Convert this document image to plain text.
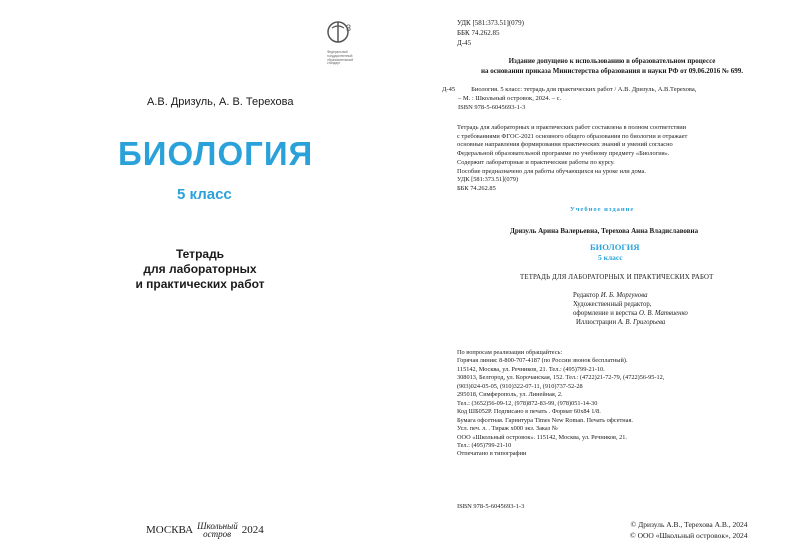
3
Федеральный
государственный
образовательный
стандарт
А.В. Дризуль, А. В. Терехова
БИОЛОГИЯ
5 класс
Тетрадь
для лабораторных
и практических работ
МОСКВА Школьный
остров 2024
УДК [581:373.51](079)
ББК 74.262.85
Д-45
Издание допущено к использованию в образовательном процессе
на основании приказа Министерства образования и науки РФ от 09.06.2016 № 699.
Д-45 Биология. 5 класс: тетрадь для практических работ / А.В. Дризуль, А.В.Терехова,
– М. : Школьный островок, 2024. – с.
ISBN 978-5-6045693-1-3
Тетрадь для лабораторных и практических работ составлена в полном соответствии
с требованиями ФГОС-2021 основного общего образования по биологии и отражает
основные направления формирования практических знаний и умений согласно
Федеральной образовательной программе по учебному предмету «Биология».
Содержит лабораторные и практические работы по курсу.
Пособие предназначено для работы обучающихся на уроке или дома.
УДК [581:373.51](079)
ББК 74.262.85
Учебное издание
Дризуль Арина Валерьевна, Терехова Анна Владиславовна
БИОЛОГИЯ
5 класс
ТЕТРАДЬ ДЛЯ ЛАБОРАТОРНЫХ И ПРАКТИЧЕСКИХ РАБОТ
Редактор И. Б. Моргунова
Художественный редактор,
оформление и верстка О. В. Матвиенко
Иллюстрации А. В. Григорьева
По вопросам реализации обращайтесь:
Горячая линия: 8-800-707-4187 (по России звонок бесплатный).
115142, Москва, ул. Речников, 21. Тел.: (495)799-21-10.
308013, Белгород, ул. Корочанская, 152. Тел.: (4722)21-72-79, (4722)56-95-12,
(903)024-05-05, (910)322-07-11, (910)737-52-28
295018, Симферополь, ул. Линейная, 2.
Тел.: (3652)56-09-12, (978)872-83-99, (978)051-14-30
Код ШБ052Р. Подписано в печать . Формат 60х84 1/8.
Бумага офсетная. Гарнитура Times New Roman. Печать офсетная.
Усл. печ. л. . Тираж х000 экз. Заказ №
ООО «Школьный островок». 115142, Москва, ул. Речников, 21.
Тел.: (495)799-21-10
Отпечатано в типографии
ISBN 978-5-6045693-1-3
© Дризуль А.В., Терехова А.В., 2024
© ООО «Школьный островок», 2024
